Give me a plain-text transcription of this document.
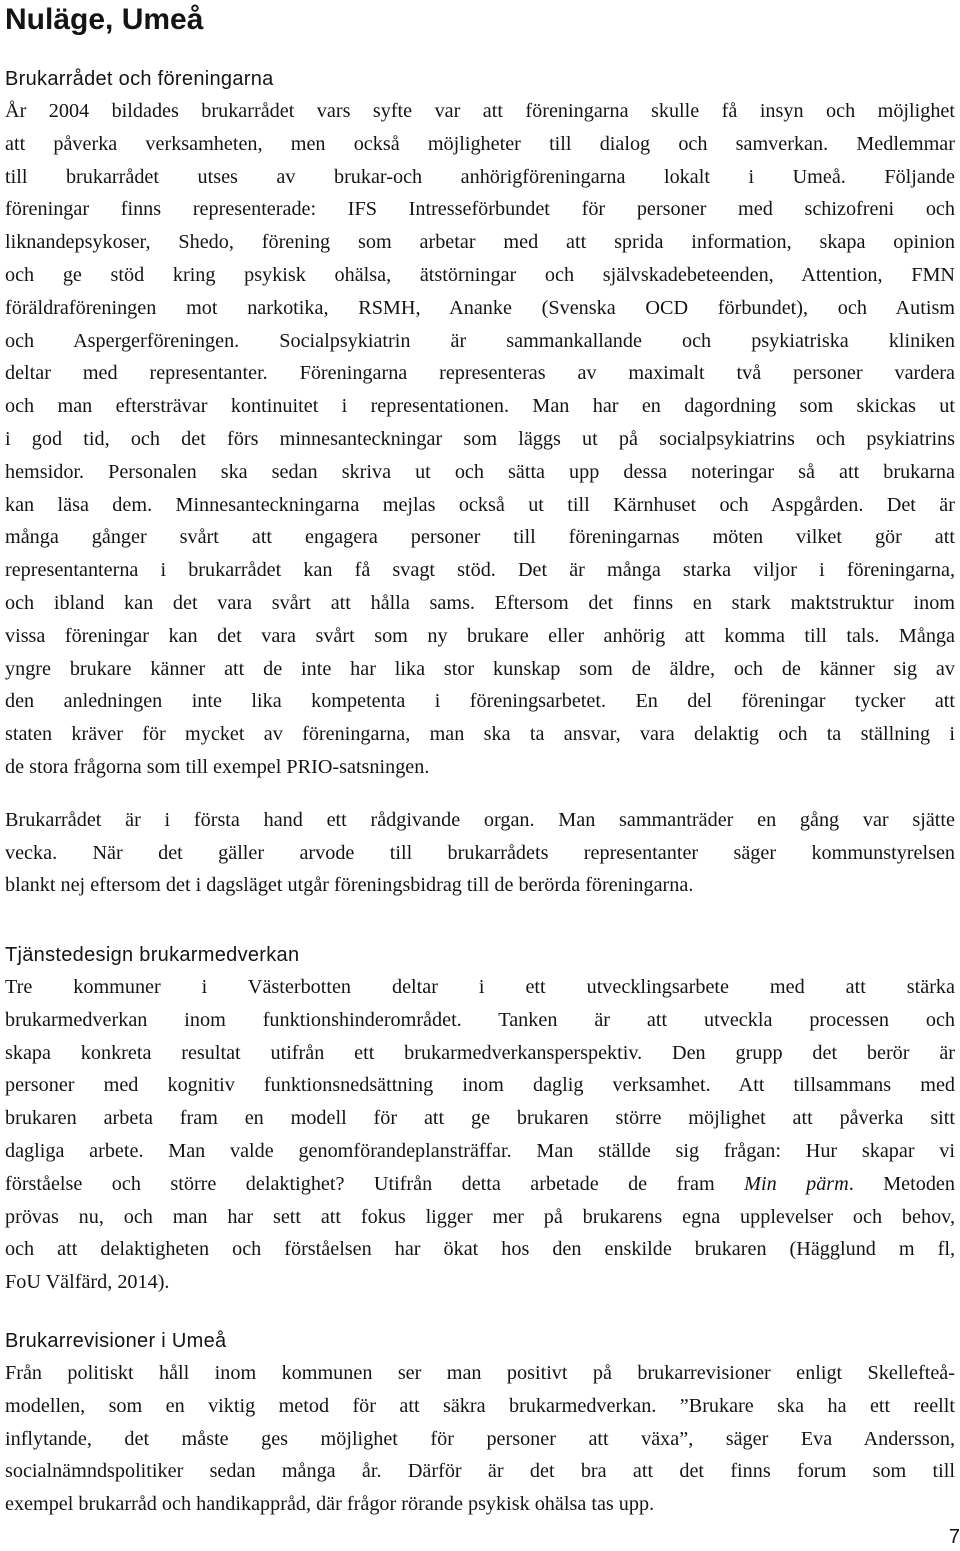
Nuläge, Umeå
Brukarrådet och föreningarna

År 2004 bildades brukarrådet vars syfte var att föreningarna skulle få insyn och möjlighet
att påverka verksamheten, men också möjligheter till dialog och samverkan. Medlemmar
till brukarrådet utses av brukar-och anhörigföreningarna lokalt i Umeå. Följande
föreningar finns representerade: IFS Intresseförbundet för personer med schizofreni och
liknandepsykoser, Shedo, förening som arbetar med att sprida information, skapa opinion
och ge stöd kring psykisk ohälsa, ätstörningar och självskadebeteenden, Attention, FMN
föräldraföreningen mot narkotika, RSMH, Ananke (Svenska OCD förbundet), och Autism
och Aspergerföreningen. Socialpsykiatrin är sammankallande och psykiatriska kliniken
deltar med representanter. Föreningarna representeras av maximalt två personer vardera
och man eftersträvar kontinuitet i representationen. Man har en dagordning som skickas ut
i god tid, och det förs minnesanteckningar som läggs ut på socialpsykiatrins och psykiatrins
hemsidor. Personalen ska sedan skriva ut och sätta upp dessa noteringar så att brukarna
kan läsa dem. Minnesanteckningarna mejlas också ut till Kärnhuset och Aspgården. Det är
många gånger svårt att engagera personer till föreningarnas möten vilket gör att
representanterna i brukarrådet kan få svagt stöd. Det är många starka viljor i föreningarna,
och ibland kan det vara svårt att hålla sams. Eftersom det finns en stark maktstruktur inom
vissa föreningar kan det vara svårt som ny brukare eller anhörig att komma till tals. Många
yngre brukare känner att de inte har lika stor kunskap som de äldre, och de känner sig av
den anledningen inte lika kompetenta i föreningsarbetet. En del föreningar tycker att
staten kräver för mycket av föreningarna, man ska ta ansvar, vara delaktig och ta ställning i
de stora frågorna som till exempel PRIO-satsningen.

Brukarrådet är i första hand ett rådgivande organ. Man sammanträder en gång var sjätte
vecka. När det gäller arvode till brukarrådets representanter säger kommunstyrelsen
blankt nej eftersom det i dagsläget utgår föreningsbidrag till de berörda föreningarna.

Tjänstedesign brukarmedverkan

Tre kommuner i Västerbotten deltar i ett utvecklingsarbete med att stärka
brukarmedverkan inom funktionshinderområdet. Tanken är att utveckla processen och
skapa konkreta resultat utifrån ett brukarmedverkansperspektiv. Den grupp det berör är
personer med kognitiv funktionsnedsättning inom daglig verksamhet. Att tillsammans med
brukaren arbeta fram en modell för att ge brukaren större möjlighet att påverka sitt
dagliga arbete. Man valde genomförandeplansträffar. Man ställde sig frågan: Hur skapar vi
förståelse och större delaktighet? Utifrån detta arbetade de fram Min pärm. Metoden
prövas nu, och man har sett att fokus ligger mer på brukarens egna upplevelser och behov,
och att delaktigheten och förståelsen har ökat hos den enskilde brukaren (Hägglund m fl,
FoU Välfärd, 2014).

Brukarrevisioner i Umeå

Från politiskt håll inom kommunen ser man positivt på brukarrevisioner enligt Skellefteå-
modellen, som en viktig metod för att säkra brukarmedverkan. ”Brukare ska ha ett reellt
inflytande, det måste ges möjlighet för personer att växa”, säger Eva Andersson,
socialnämndspolitiker sedan många år. Därför är det bra att det finns forum som till
exempel brukarråd och handikappråd, där frågor rörande psykisk ohälsa tas upp.

7
